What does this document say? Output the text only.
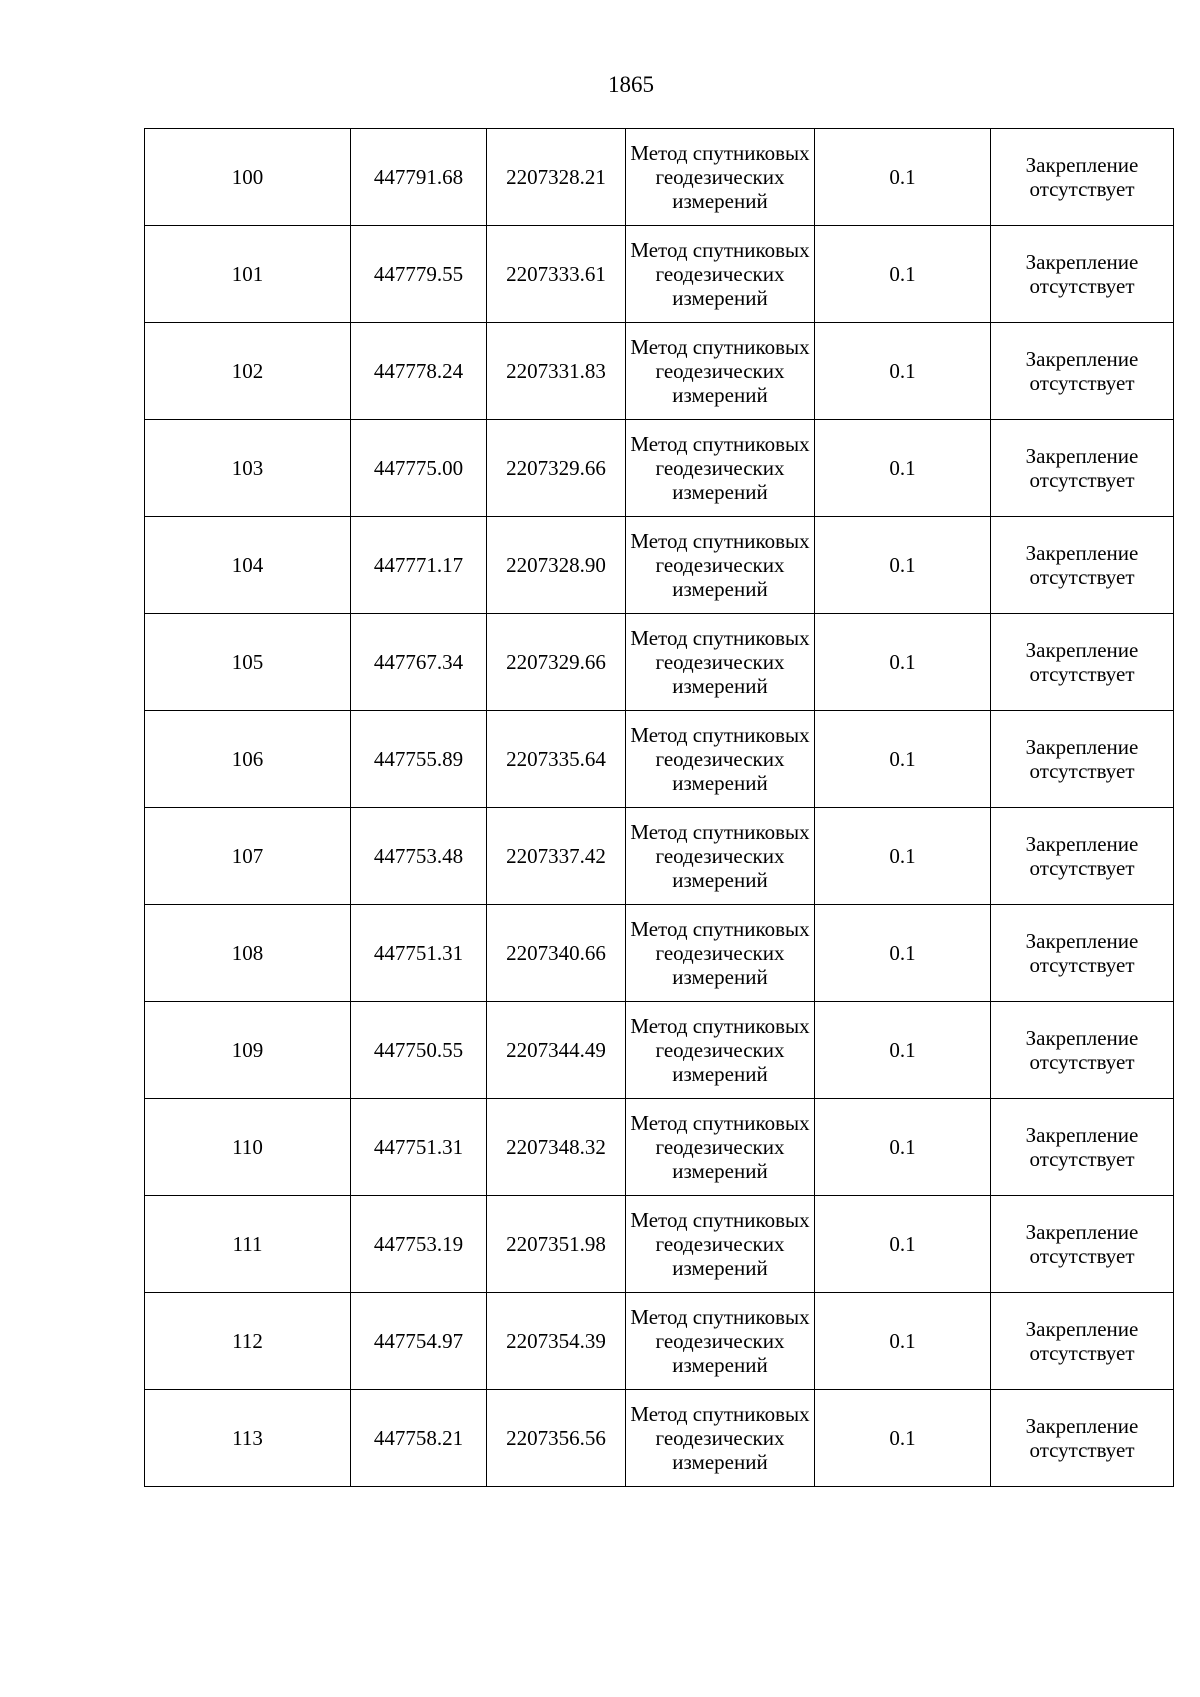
1865
100	447791.68	2207328.21	Метод спутниковых геодезических измерений	0.1	Закрепление отсутствует
101	447779.55	2207333.61	Метод спутниковых геодезических измерений	0.1	Закрепление отсутствует
102	447778.24	2207331.83	Метод спутниковых геодезических измерений	0.1	Закрепление отсутствует
103	447775.00	2207329.66	Метод спутниковых геодезических измерений	0.1	Закрепление отсутствует
104	447771.17	2207328.90	Метод спутниковых геодезических измерений	0.1	Закрепление отсутствует
105	447767.34	2207329.66	Метод спутниковых геодезических измерений	0.1	Закрепление отсутствует
106	447755.89	2207335.64	Метод спутниковых геодезических измерений	0.1	Закрепление отсутствует
107	447753.48	2207337.42	Метод спутниковых геодезических измерений	0.1	Закрепление отсутствует
108	447751.31	2207340.66	Метод спутниковых геодезических измерений	0.1	Закрепление отсутствует
109	447750.55	2207344.49	Метод спутниковых геодезических измерений	0.1	Закрепление отсутствует
110	447751.31	2207348.32	Метод спутниковых геодезических измерений	0.1	Закрепление отсутствует
111	447753.19	2207351.98	Метод спутниковых геодезических измерений	0.1	Закрепление отсутствует
112	447754.97	2207354.39	Метод спутниковых геодезических измерений	0.1	Закрепление отсутствует
113	447758.21	2207356.56	Метод спутниковых геодезических измерений	0.1	Закрепление отсутствует
